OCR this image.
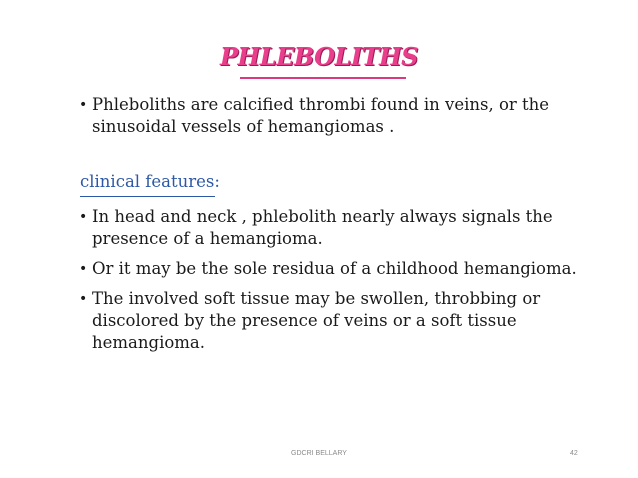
PHLEBOLITHS
• Phleboliths are calcified thrombi found in veins, or the sinusoidal vessels of hemangiomas .
clinical features:
• In head and neck , phlebolith nearly always signals the presence of a hemangioma.
• Or it may be the sole residua of a childhood hemangioma.
• The involved soft tissue may be swollen, throbbing or discolored by the presence of veins or a soft tissue hemangioma.
GDCRI BELLARY	42
